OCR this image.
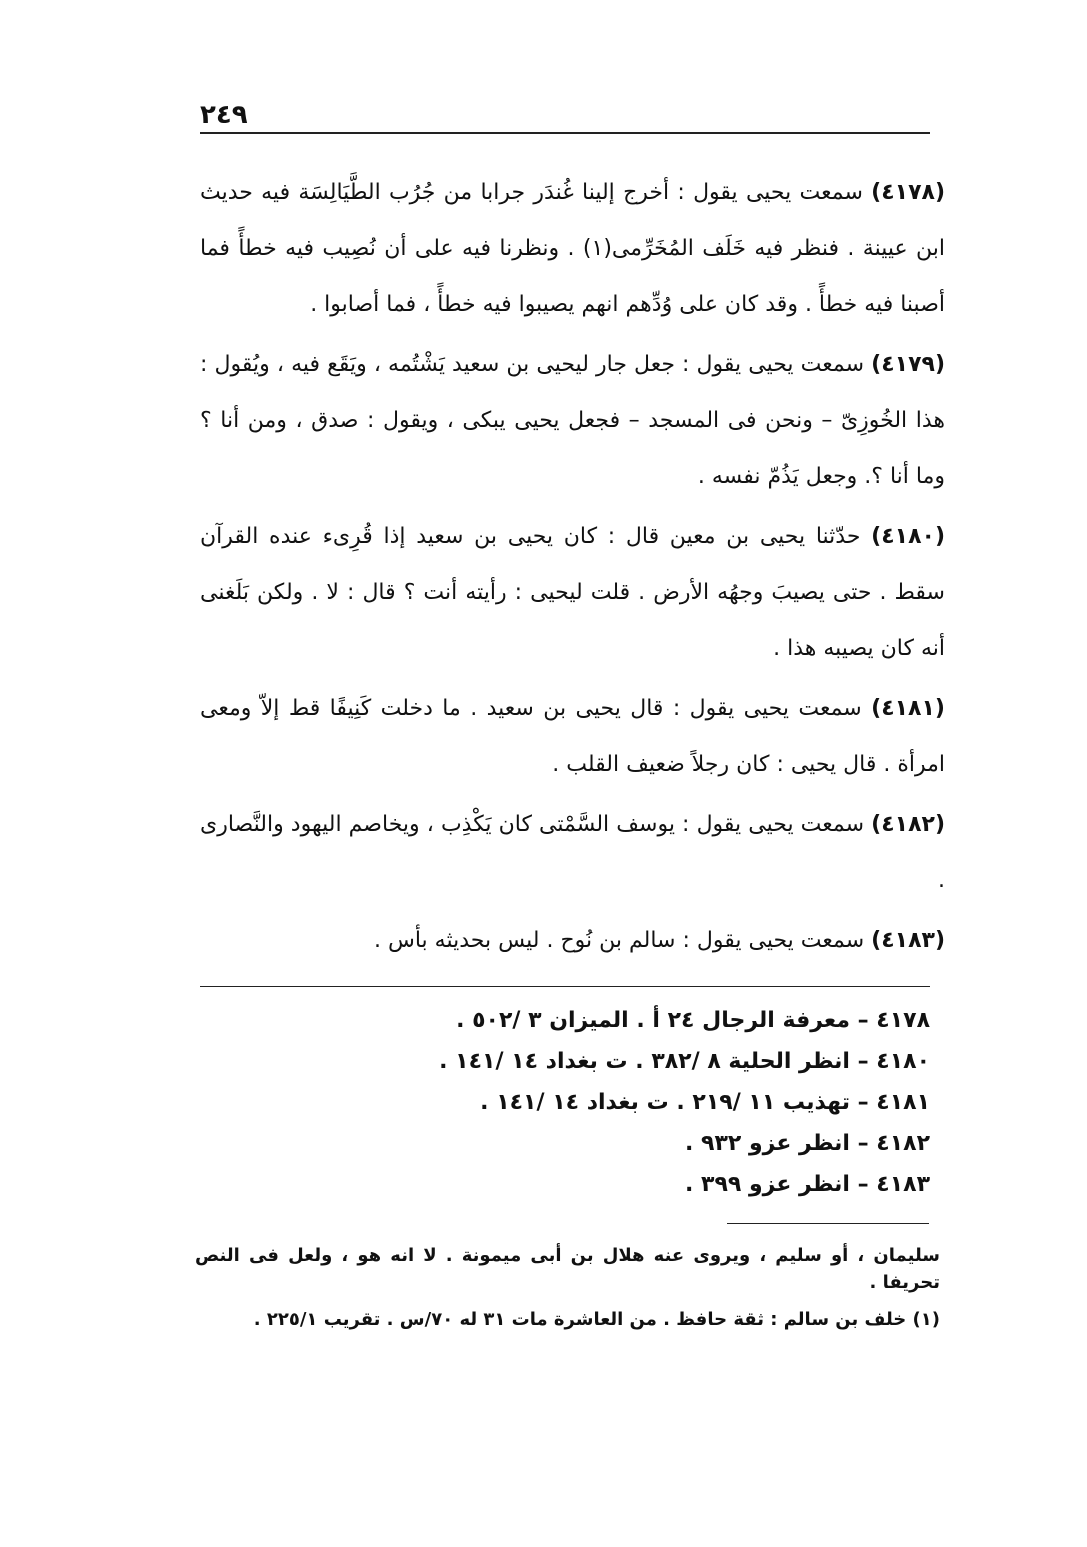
٢٤٩

(٤١٧٨) سمعت يحيى يقول : أخرج إلينا غُندَر جرابا من جُرُب الطَّيَالِسَة فيه حديث ابن عيينة . فنظر فيه خَلَف المُخَرِّمى(١) . ونظرنا فيه على أن نُصِيب فيه خطأً فما أصبنا فيه خطأً . وقد كان على وُدِّهم انهم يصيبوا فيه خطأً ، فما أصابوا .

(٤١٧٩) سمعت يحيى يقول : جعل جار ليحيى بن سعيد يَشْتُمه ، ويَقَع فيه ، ويُقول : هذا الخُوزِىّ – ونحن فى المسجد – فجعل يحيى يبكى ، ويقول : صدق ، ومن أنا ؟ وما أنا ؟. وجعل يَذُمّ نفسه .

(٤١٨٠) حدّثنا يحيى بن معين قال : كان يحيى بن سعيد إذا قُرِىء عنده القرآن سقط . حتى يصيبَ وجهُه الأرض . قلت ليحيى : رأيته أنت ؟ قال : لا . ولكن بَلَغنى أنه كان يصيبه هذا .

(٤١٨١) سمعت يحيى يقول : قال يحيى بن سعيد . ما دخلت كَنِيفًا قط إلاّ ومعى امرأة . قال يحيى : كان رجلاً ضعيف القلب .

(٤١٨٢) سمعت يحيى يقول : يوسف السَّمْتى كان يَكْذِب ، ويخاصم اليهود والنَّصارى .

(٤١٨٣) سمعت يحيى يقول : سالم بن نُوح . ليس بحديثه بأس .

٤١٧٨ – معرفة الرجال ٢٤ أ . الميزان ٣ /٥٠٢ .
٤١٨٠ – انظر الحلية ٨ /٣٨٢ . ت بغداد ١٤ /١٤١ .
٤١٨١ – تهذيب ١١ /٢١٩ . ت بغداد ١٤ /١٤١ .
٤١٨٢ – انظر عزو ٩٣٢ .
٤١٨٣ – انظر عزو ٣٩٩ .
سليمان ، أو سليم ، ويروى عنه هلال بن أبى ميمونة . لا انه هو ، ولعل فى النص تحريفا .
(١) خلف بن سالم : ثقة حافظ . من العاشرة مات ٣١ له ٧٠/س . تقريب ٢٢٥/١ .
